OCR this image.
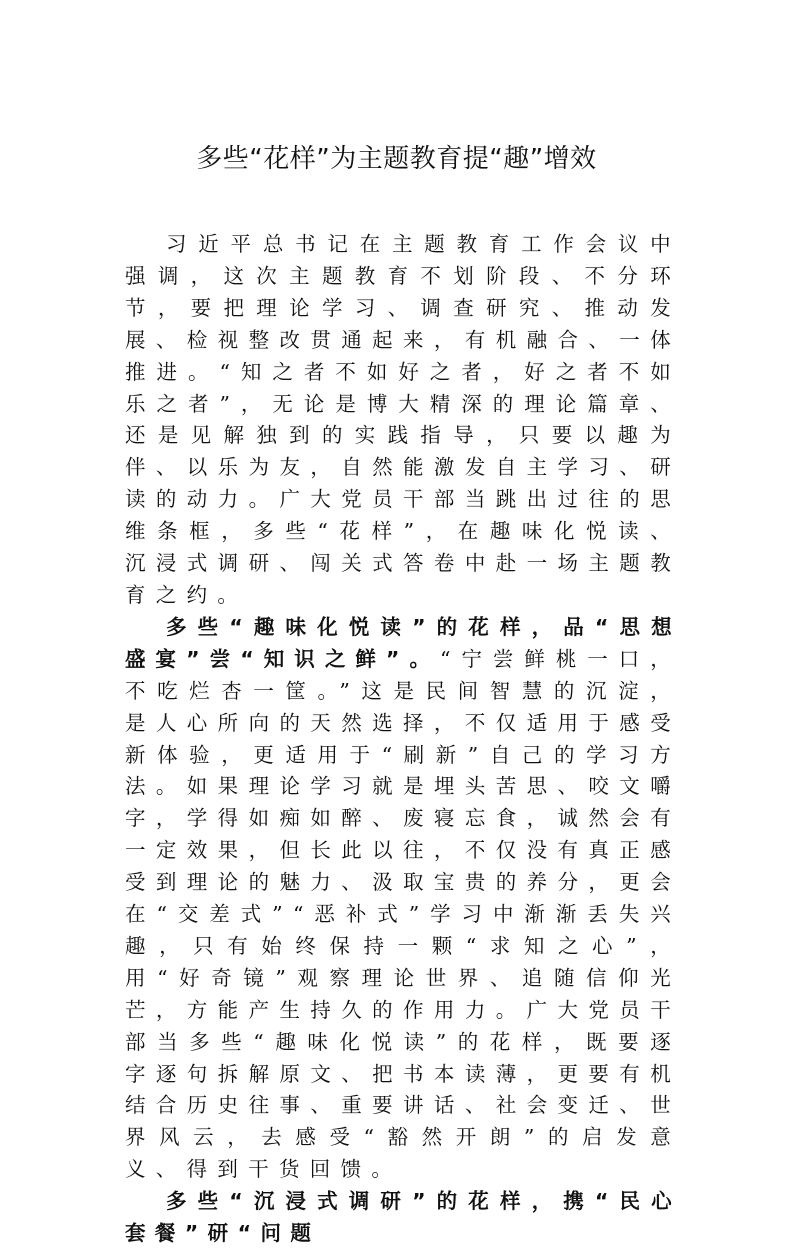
多些“花样”为主题教育提“趣”增效

习近平总书记在主题教育工作会议中强调，这次主题教育不划阶段、不分环节，要把理论学习、调查研究、推动发展、检视整改贯通起来，有机融合、一体推进。“知之者不如好之者，好之者不如乐之者”，无论是博大精深的理论篇章、还是见解独到的实践指导，只要以趣为伴、以乐为友，自然能激发自主学习、研读的动力。广大党员干部当跳出过往的思维条框，多些“花样”，在趣味化悦读、沉浸式调研、闯关式答卷中赴一场主题教育之约。

多些“趣味化悦读”的花样，品“思想盛宴”尝“知识之鲜”。“宁尝鲜桃一口，不吃烂杏一筐。”这是民间智慧的沉淀，是人心所向的天然选择，不仅适用于感受新体验，更适用于“刷新”自己的学习方法。如果理论学习就是埋头苦思、咬文嚼字，学得如痴如醉、废寝忘食，诚然会有一定效果，但长此以往，不仅没有真正感受到理论的魅力、汲取宝贵的养分，更会在“交差式”“恶补式”学习中渐渐丢失兴趣，只有始终保持一颗“求知之心”，用“好奇镜”观察理论世界、追随信仰光芒，方能产生持久的作用力。广大党员干部当多些“趣味化悦读”的花样，既要逐字逐句拆解原文、把书本读薄，更要有机结合历史往事、重要讲话、社会变迁、世界风云，去感受“豁然开朗”的启发意义、得到干货回馈。

多些“沉浸式调研”的花样，携“民心套餐”研“问题
